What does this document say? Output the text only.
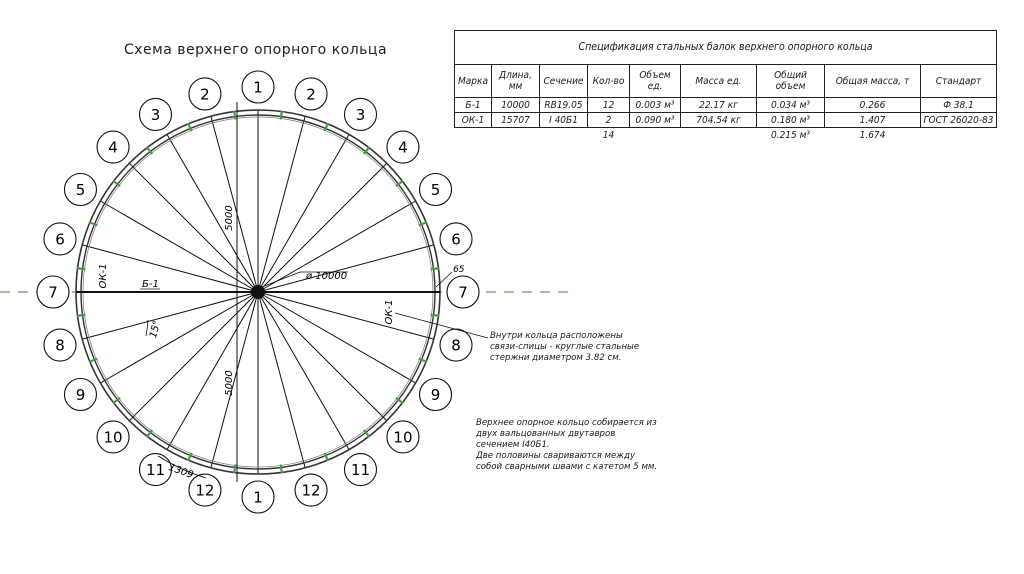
1
2
3
4
5
6
7
8
9
10
11
12	1	12
11
10
9
8
7
6
5
4
3
2
5000
5000
ø 10000
Б-1
ОК-1
ОК-1
15°
1309
65
Схема верхнего опорного кольца	Спецификация стальных балок верхнего опорного кольца								
Марка	Длина, мм	Сечение	Кол-во	Объем ед.	Масса ед.	Общий объем	Общая масса, т	Стандарт
Б-1	10000	RB19.05	12	0.003 м³	22.17 кг	0.034 м³	0.266	Ф 38.1
ОК-1	15707	I 40Б1	2	0.090 м³	704.54 кг	0.180 м³	1.407	ГОСТ 26020-83
			14			0.215 м³	1.674	
Внутри кольца расположены
связи-спицы - круглые стальные
стержни диаметром 3.82 см.
Верхнее опорное кольцо собирается из
двух вальцованных двутавров
сечением I40Б1.
Две половины свариваются между
собой сварными швами с катетом 5 мм.
